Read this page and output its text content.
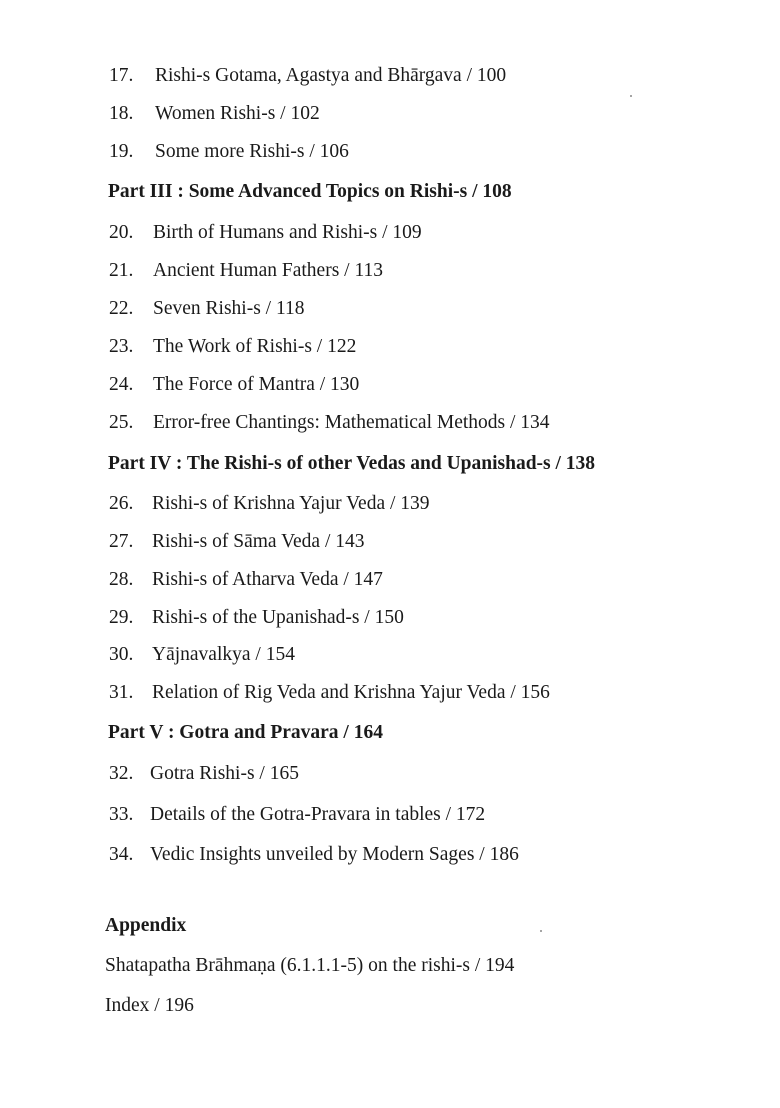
17. Rishi-s Gotama, Agastya and Bhārgava / 100
18. Women Rishi-s / 102
19. Some more Rishi-s / 106
Part III : Some Advanced Topics on Rishi-s / 108
20. Birth of Humans and Rishi-s / 109
21. Ancient Human Fathers / 113
22. Seven Rishi-s / 118
23. The Work of Rishi-s / 122
24. The Force of Mantra / 130
25. Error-free Chantings: Mathematical Methods / 134
Part IV : The Rishi-s of other Vedas and Upanishad-s / 138
26. Rishi-s of Krishna Yajur Veda / 139
27. Rishi-s of Sāma Veda / 143
28. Rishi-s of Atharva Veda / 147
29. Rishi-s of the Upanishad-s / 150
30. Yājnavalkya / 154
31. Relation of Rig Veda and Krishna Yajur Veda / 156
Part V : Gotra and Pravara / 164
32. Gotra Rishi-s / 165
33. Details of the Gotra-Pravara in tables / 172
34. Vedic Insights unveiled by Modern Sages / 186
Appendix
Shatapatha Brāhmaṇa (6.1.1.1-5) on the rishi-s / 194
Index / 196
